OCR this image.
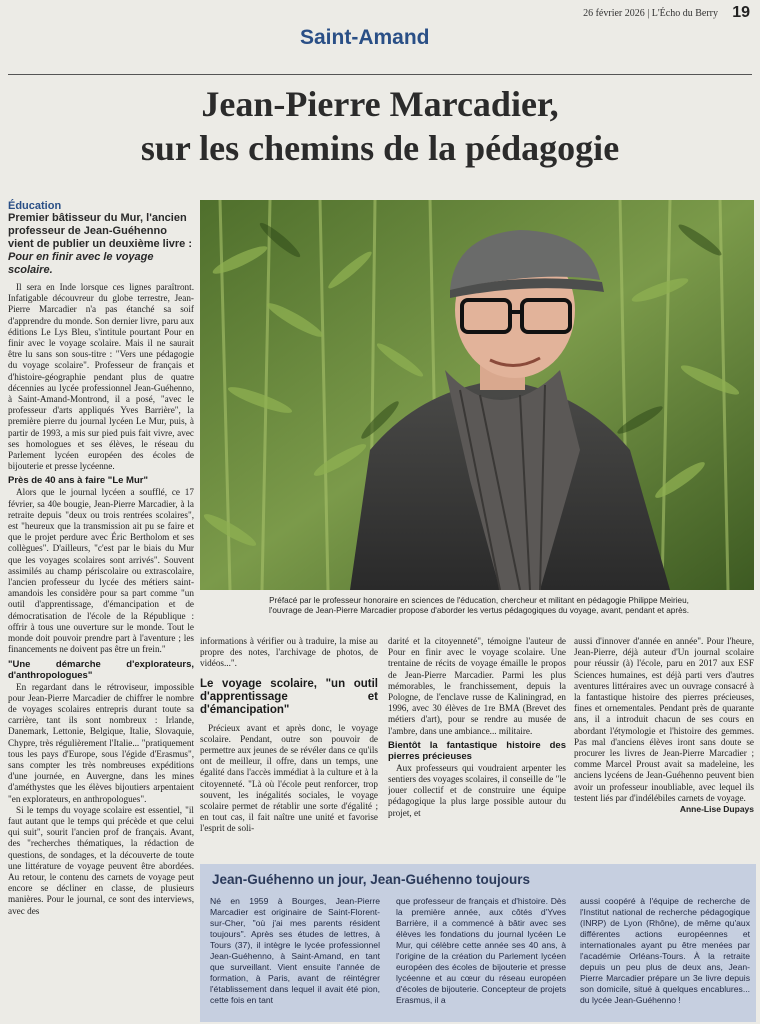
26 février 2026 | L'Écho du Berry 19
Saint-Amand
Jean-Pierre Marcadier,
sur les chemins de la pédagogie
Éducation
Premier bâtisseur du Mur, l'ancien professeur de Jean-Guéhenno vient de publier un deuxième livre : Pour en finir avec le voyage scolaire.

Il sera en Inde lorsque ces lignes paraîtront. Infatigable découvreur du globe terrestre, Jean-Pierre Marcadier n'a pas étanché sa soif d'apprendre du monde. Son dernier livre, paru aux éditions Le Lys Bleu, s'intitule pourtant Pour en finir avec le voyage scolaire. Mais il ne saurait être lu sans son sous-titre : "Vers une pédagogie du voyage scolaire". Professeur de français et d'histoire-géographie pendant plus de quatre décennies au lycée professionnel Jean-Guéhenno, à Saint-Amand-Montrond, il a posé, "avec le professeur d'arts appliqués Yves Barrière", la première pierre du journal lycéen Le Mur, puis, à partir de 1993, a mis sur pied puis fait vivre, avec ses homologues et ses élèves, le réseau du Parlement lycéen européen des écoles de bijouterie et presse lycéenne.

Près de 40 ans à faire "Le Mur"

Alors que le journal lycéen a soufflé, ce 17 février, sa 40e bougie, Jean-Pierre Marcadier, à la retraite depuis "deux ou trois rentrées scolaires", est "heureux que la transmission ait pu se faire et que le projet perdure avec Éric Bertholom et ses collègues". D'ailleurs, "c'est par le biais du Mur que les voyages scolaires sont arrivés". Souvent assimilés au champ périscolaire ou extrascolaire, l'ancien professeur du lycée des métiers saint-amandois les considère pour sa part comme "un outil d'apprentissage, d'émancipation et de démocratisation de l'école de la République : offrir à tous une ouverture sur le monde. Tout le monde doit pouvoir prendre part à l'aventure ; les financements ne doivent pas être un frein."

"Une démarche d'explorateurs, d'anthropologues"

En regardant dans le rétroviseur, impossible pour Jean-Pierre Marcadier de chiffrer le nombre de voyages scolaires entrepris durant toute sa carrière, tant ils sont nombreux : Irlande, Danemark, Lettonie, Belgique, Italie, Slovaquie, Chypre, très régulièrement l'Italie... "pratiquement tous les pays d'Europe, sous l'égide d'Erasmus", sans compter les très nombreuses expéditions d'une journée, en Auvergne, dans les mines d'améthystes que les élèves bijoutiers arpentaient "en explorateurs, en anthropologues".

Si le temps du voyage scolaire est essentiel, "il faut autant que le temps qui précède et que celui qui suit", sourit l'ancien prof de français. Avant, des "recherches thématiques, la rédaction de questions, de sondages, et la découverte de toute une littérature de voyage peuvent être abordées. Au retour, le contenu des carnets de voyage peut encore se décliner en classe, de plusieurs manières. Pour le journal, ce sont des interviews, avec des

Préfacé par le professeur honoraire en sciences de l'éducation, chercheur et militant en pédagogie Philippe Meirieu,
l'ouvrage de Jean-Pierre Marcadier propose d'aborder les vertus pédagogiques du voyage, avant, pendant et après.

informations à vérifier ou à traduire, la mise au propre des notes, l'archivage de photos, de vidéos...".

Le voyage scolaire, "un outil d'apprentissage et d'émancipation"

Précieux avant et après donc, le voyage scolaire. Pendant, outre son pouvoir de permettre aux jeunes de se révéler dans ce qu'ils ont de meilleur, il offre, dans un temps, une égalité dans l'accès immédiat à la culture et à la citoyenneté. "Là où l'école peut renforcer, trop souvent, les inégalités sociales, le voyage scolaire permet de rétablir une sorte d'égalité ; en tout cas, il fait naître une unité et favorise l'esprit de soli-

darité et la citoyenneté", témoigne l'auteur de Pour en finir avec le voyage scolaire. Une trentaine de récits de voyage émaille le propos de Jean-Pierre Marcadier. Parmi les plus mémorables, le franchissement, depuis la Pologne, de l'enclave russe de Kaliningrad, en 1996, avec 30 élèves de 1re BMA (Brevet des métiers d'art), pour se rendre au musée de l'ambre, dans une ambiance... militaire.

Bientôt la fantastique histoire des pierres précieuses

Aux professeurs qui voudraient arpenter les sentiers des voyages scolaires, il conseille de "le jouer collectif et de construire une équipe pédagogique la plus large possible autour du projet, et

aussi d'innover d'année en année". Pour l'heure, Jean-Pierre, déjà auteur d'Un journal scolaire pour réussir (à) l'école, paru en 2017 aux ESF Sciences humaines, est déjà parti vers d'autres aventures littéraires avec un ouvrage consacré à la fantastique histoire des pierres précieuses, fines et ornementales. Pendant près de quarante ans, il a introduit chacun de ses cours en abordant l'étymologie et l'histoire des gemmes. Pas mal d'anciens élèves iront sans doute se procurer les livres de Jean-Pierre Marcadier ; comme Marcel Proust avait sa madeleine, les anciens lycéens de Jean-Guéhenno peuvent bien avoir un professeur inoubliable, avec lequel ils testent liés par d'indélébiles carnets de voyage.

Anne-Lise Dupays
Jean-Guéhenno un jour, Jean-Guéhenno toujours

Né en 1959 à Bourges, Jean-Pierre Marcadier est originaire de Saint-Florent-sur-Cher, "où j'ai mes parents résident toujours". Après ses études de lettres, à Tours (37), il intègre le lycée professionnel Jean-Guéhenno, à Saint-Amand, en tant que surveillant. Vient ensuite l'année de formation, à Paris, avant de réintégrer l'établissement dans lequel il avait été pion, cette fois en tant

que professeur de français et d'histoire. Dès la première année, aux côtés d'Yves Barrière, il a commencé à bâtir avec ses élèves les fondations du journal lycéen Le Mur, qui célèbre cette année ses 40 ans, à l'origine de la création du Parlement lycéen européen des écoles de bijouterie et presse lycéenne et au cœur du réseau européen d'écoles de bijouterie. Concepteur de projets Erasmus, il a

aussi coopéré à l'équipe de recherche de l'Institut national de recherche pédagogique (INRP) de Lyon (Rhône), de même qu'aux différentes actions européennes et internationales ayant pu être menées par l'académie Orléans-Tours. À la retraite depuis un peu plus de deux ans, Jean-Pierre Marcadier prépare un 3e livre depuis son domicile, situé à quelques encablures... du lycée Jean-Guéhenno !
